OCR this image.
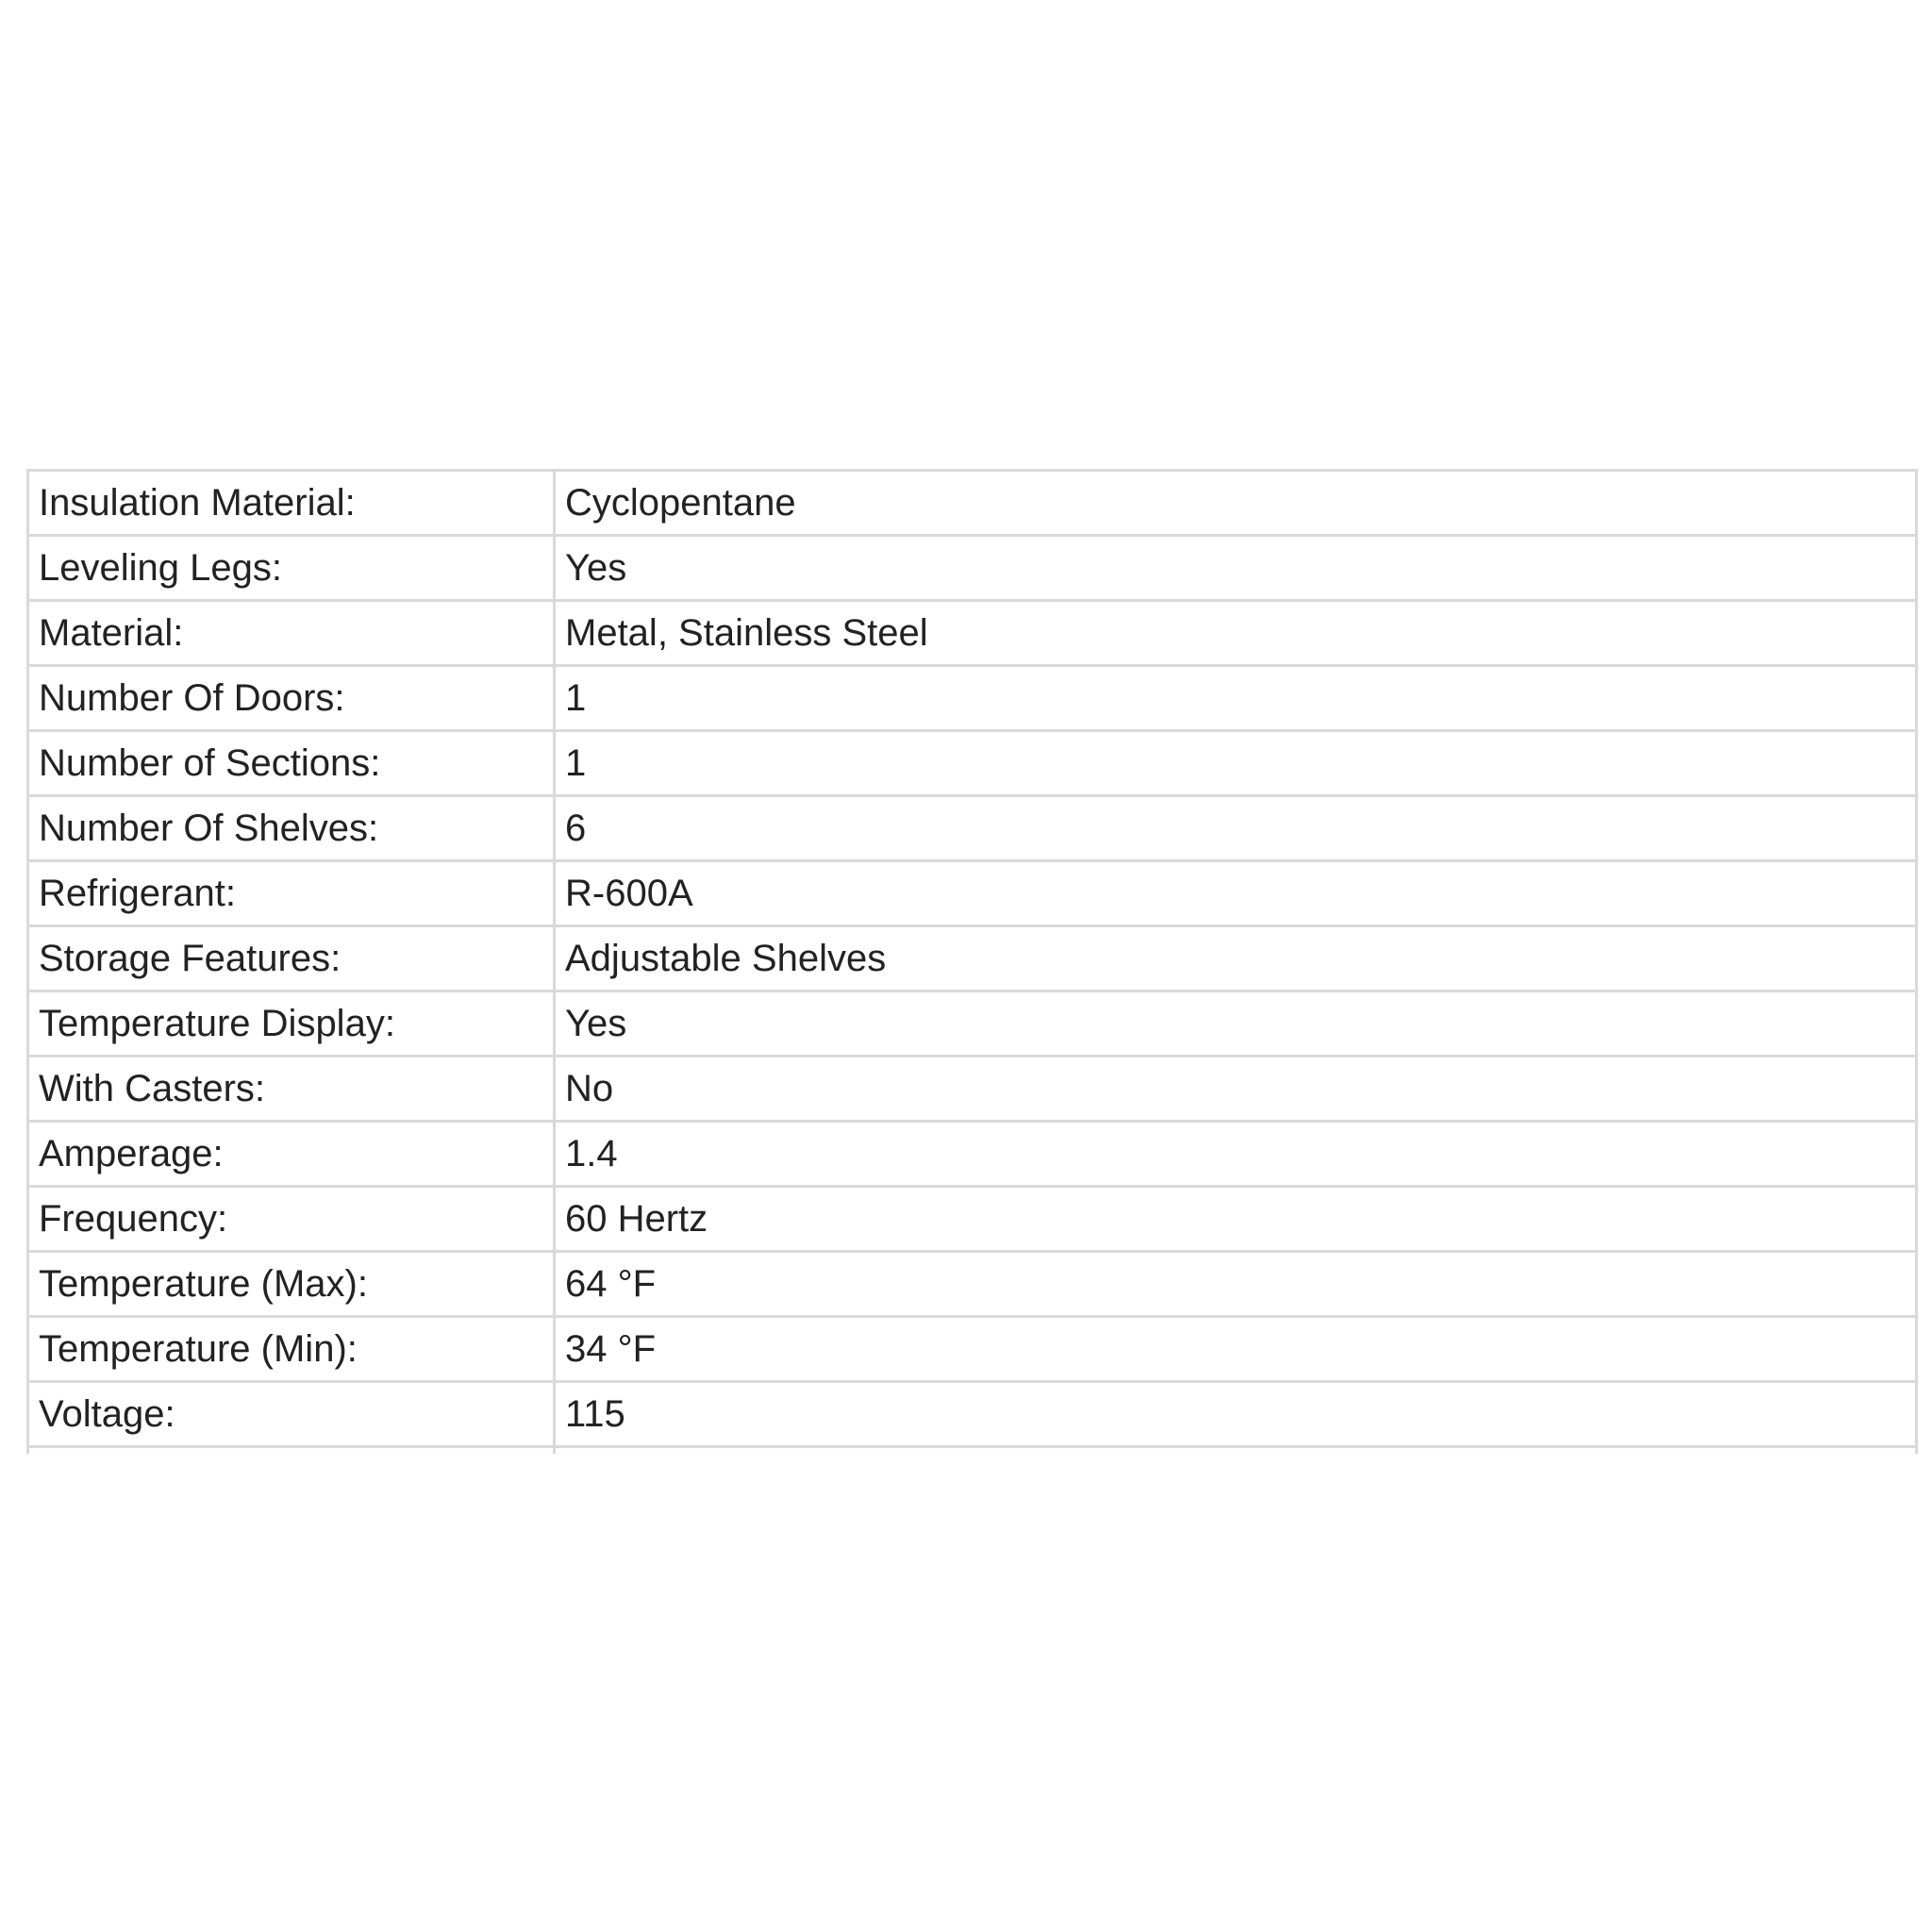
Insulation Material:	Cyclopentane
Leveling Legs:	Yes
Material:	Metal, Stainless Steel
Number Of Doors:	1
Number of Sections:	1
Number Of Shelves:	6
Refrigerant:	R-600A
Storage Features:	Adjustable Shelves
Temperature Display:	Yes
With Casters:	No
Amperage:	1.4
Frequency:	60 Hertz
Temperature (Max):	64 °F
Temperature (Min):	34 °F
Voltage:	115
